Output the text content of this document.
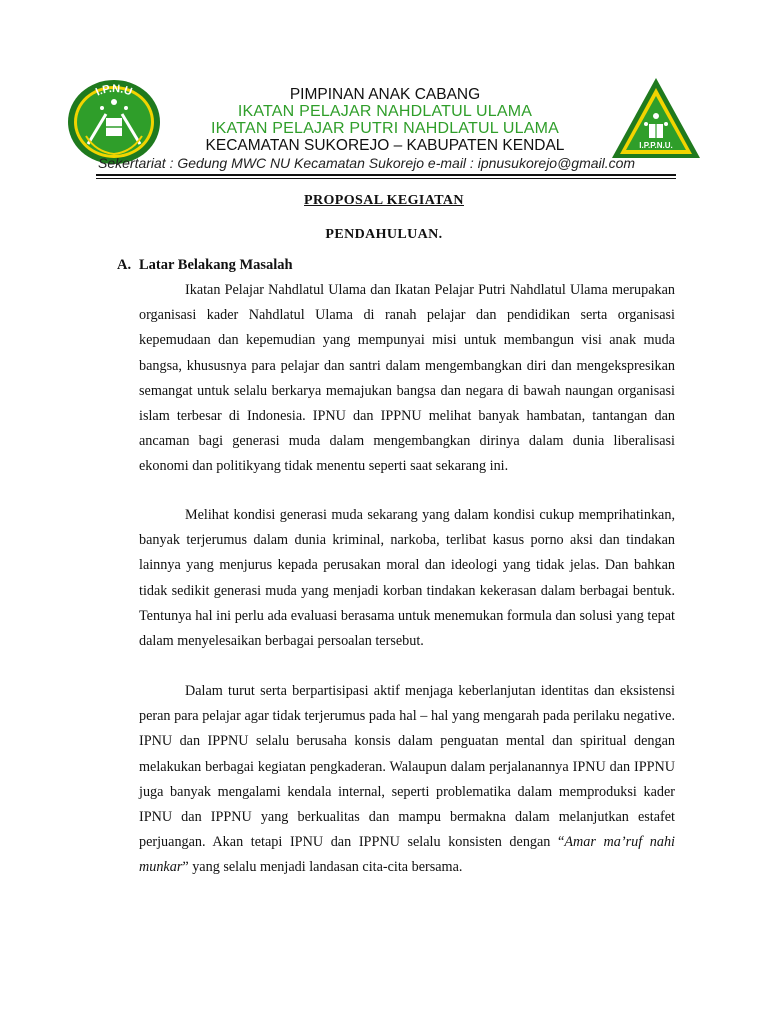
I.P.N.U
I.P.P.N.U.
PIMPINAN ANAK CABANG
IKATAN PELAJAR NAHDLATUL ULAMA
IKATAN PELAJAR PUTRI NAHDLATUL ULAMA
KECAMATAN SUKOREJO – KABUPATEN KENDAL
Sekertariat : Gedung MWC NU Kecamatan Sukorejo e-mail : ipnusukorejo@gmail.com
PROPOSAL KEGIATAN
PENDAHULUAN.
A. Latar Belakang Masalah

Ikatan Pelajar Nahdlatul Ulama dan Ikatan Pelajar Putri Nahdlatul Ulama merupakan organisasi kader Nahdlatul Ulama di ranah pelajar dan pendidikan serta organisasi kepemudaan dan kepemudian yang mempunyai misi untuk membangun visi anak muda bangsa, khususnya para pelajar dan santri dalam mengembangkan diri dan mengekspresikan semangat untuk selalu berkarya memajukan bangsa dan negara di bawah naungan organisasi islam terbesar di Indonesia. IPNU dan IPPNU melihat banyak hambatan, tantangan dan ancaman bagi generasi muda dalam mengembangkan dirinya dalam dunia liberalisasi ekonomi dan politikyang tidak menentu seperti saat sekarang ini.

Melihat kondisi generasi muda sekarang yang dalam kondisi cukup memprihatinkan, banyak terjerumus dalam dunia kriminal, narkoba, terlibat kasus porno aksi dan tindakan lainnya yang menjurus kepada perusakan moral dan ideologi yang tidak jelas. Dan bahkan tidak sedikit generasi muda yang menjadi korban tindakan kekerasan dalam berbagai bentuk. Tentunya hal ini perlu ada evaluasi berasama untuk menemukan formula dan solusi yang tepat dalam menyelesaikan berbagai persoalan tersebut.

Dalam turut serta berpartisipasi aktif menjaga keberlanjutan identitas dan eksistensi peran para pelajar agar tidak terjerumus pada hal – hal yang mengarah pada perilaku negative. IPNU dan IPPNU selalu berusaha konsis dalam penguatan mental dan spiritual dengan melakukan berbagai kegiatan pengkaderan. Walaupun dalam perjalanannya IPNU dan IPPNU juga banyak mengalami kendala internal, seperti problematika dalam memproduksi kader IPNU dan IPPNU yang berkualitas dan mampu bermakna dalam melanjutkan estafet perjuangan. Akan tetapi IPNU dan IPPNU selalu konsisten dengan “Amar ma’ruf nahi munkar” yang selalu menjadi landasan cita-cita bersama.
